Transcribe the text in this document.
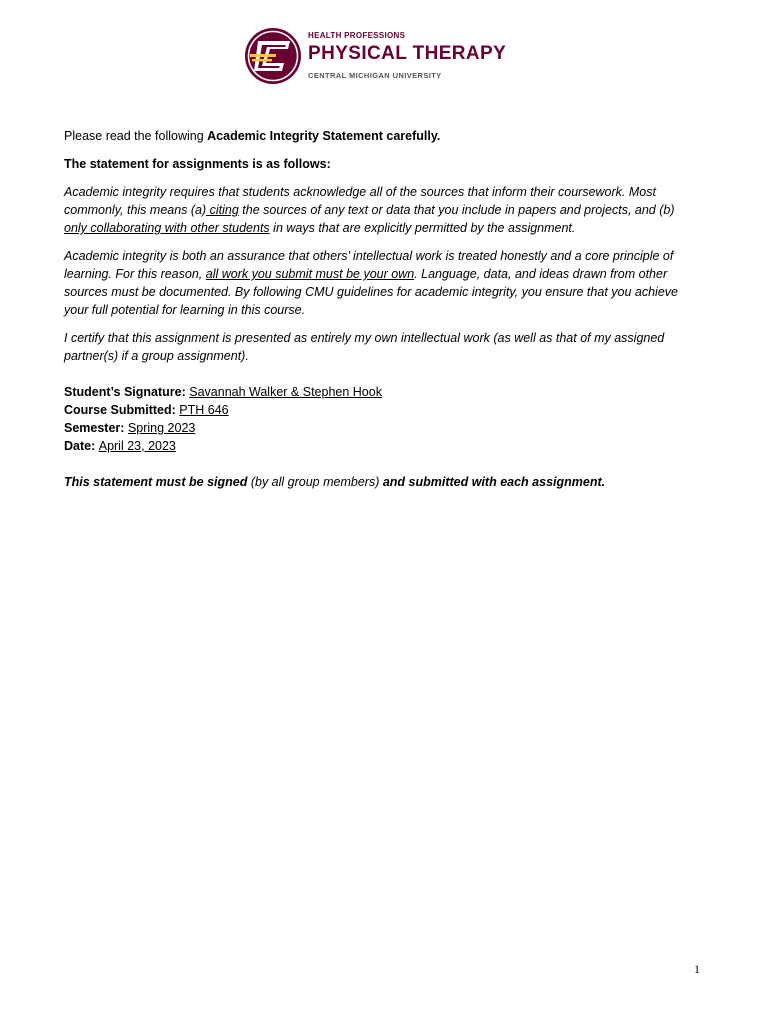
HEALTH PROFESSIONS
PHYSICAL THERAPY
CENTRAL MICHIGAN UNIVERSITY

Please read the following Academic Integrity Statement carefully.

The statement for assignments is as follows:

Academic integrity requires that students acknowledge all of the sources that inform their coursework. Most commonly, this means (a) citing the sources of any text or data that you include in papers and projects, and (b) only collaborating with other students in ways that are explicitly permitted by the assignment.

Academic integrity is both an assurance that others’ intellectual work is treated honestly and a core principle of learning. For this reason, all work you submit must be your own. Language, data, and ideas drawn from other sources must be documented. By following CMU guidelines for academic integrity, you ensure that you achieve your full potential for learning in this course.

I certify that this assignment is presented as entirely my own intellectual work (as well as that of my assigned partner(s) if a group assignment).

Student’s Signature: Savannah Walker & Stephen Hook

Course Submitted: PTH 646

Semester: Spring 2023

Date: April 23, 2023

This statement must be signed (by all group members) and submitted with each assignment.

1
